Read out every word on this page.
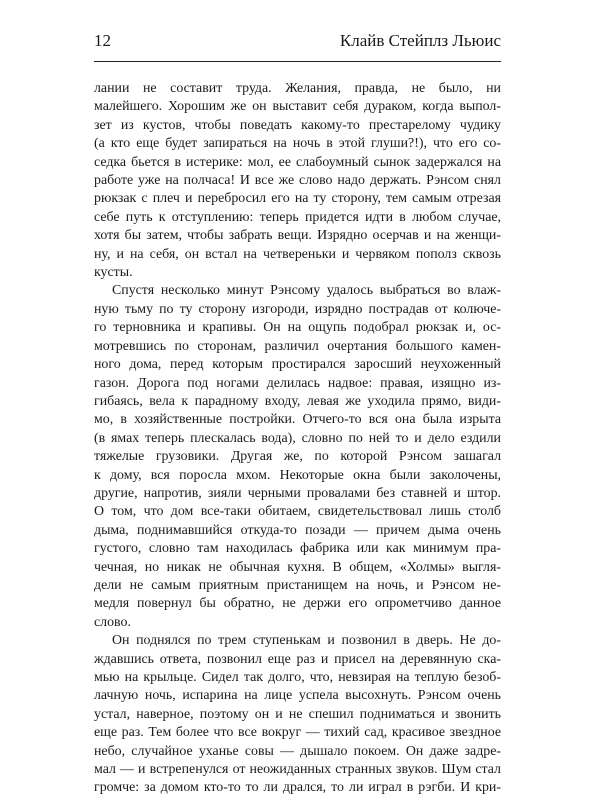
12	Клайв Стейплз Льюис

лании не составит труда. Желания, правда, не было, ни
малейшего. Хорошим же он выставит себя дураком, когда выпол-
зет из кустов, чтобы поведать какому-то престарелому чудику
(а кто еще будет запираться на ночь в этой глуши?!), что его со-
седка бьется в истерике: мол, ее слабоумный сынок задержался на
работе уже на полчаса! И все же слово надо держать. Рэнсом снял
рюкзак с плеч и перебросил его на ту сторону, тем самым отрезая
себе путь к отступлению: теперь придется идти в любом случае,
хотя бы затем, чтобы забрать вещи. Изрядно осерчав и на женщи-
ну, и на себя, он встал на четвереньки и червяком пополз сквозь
кусты.

Спустя несколько минут Рэнсому удалось выбраться во влаж-
ную тьму по ту сторону изгороди, изрядно пострадав от колюче-
го терновника и крапивы. Он на ощупь подобрал рюкзак и, ос-
мотревшись по сторонам, различил очертания большого камен-
ного дома, перед которым простирался заросший неухоженный
газон. Дорога под ногами делилась надвое: правая, изящно из-
гибаясь, вела к парадному входу, левая же уходила прямо, види-
мо, в хозяйственные постройки. Отчего-то вся она была изрыта
(в ямах теперь плескалась вода), словно по ней то и дело ездили
тяжелые грузовики. Другая же, по которой Рэнсом зашагал
к дому, вся поросла мхом. Некоторые окна были заколочены,
другие, напротив, зияли черными провалами без ставней и штор.
О том, что дом все-таки обитаем, свидетельствовал лишь столб
дыма, поднимавшийся откуда-то позади — причем дыма очень
густого, словно там находилась фабрика или как минимум пра-
чечная, но никак не обычная кухня. В общем, «Холмы» выгля-
дели не самым приятным пристанищем на ночь, и Рэнсом не-
медля повернул бы обратно, не держи его опрометчиво данное
слово.

Он поднялся по трем ступенькам и позвонил в дверь. Не до-
ждавшись ответа, позвонил еще раз и присел на деревянную ска-
мью на крыльце. Сидел так долго, что, невзирая на теплую безоб-
лачную ночь, испарина на лице успела высохнуть. Рэнсом очень
устал, наверное, поэтому он и не спешил подниматься и звонить
еще раз. Тем более что все вокруг — тихий сад, красивое звездное
небо, случайное уханье совы — дышало покоем. Он даже задре-
мал — и встрепенулся от неожиданных странных звуков. Шум стал
громче: за домом кто-то то ли дрался, то ли играл в рэгби. И кри-
